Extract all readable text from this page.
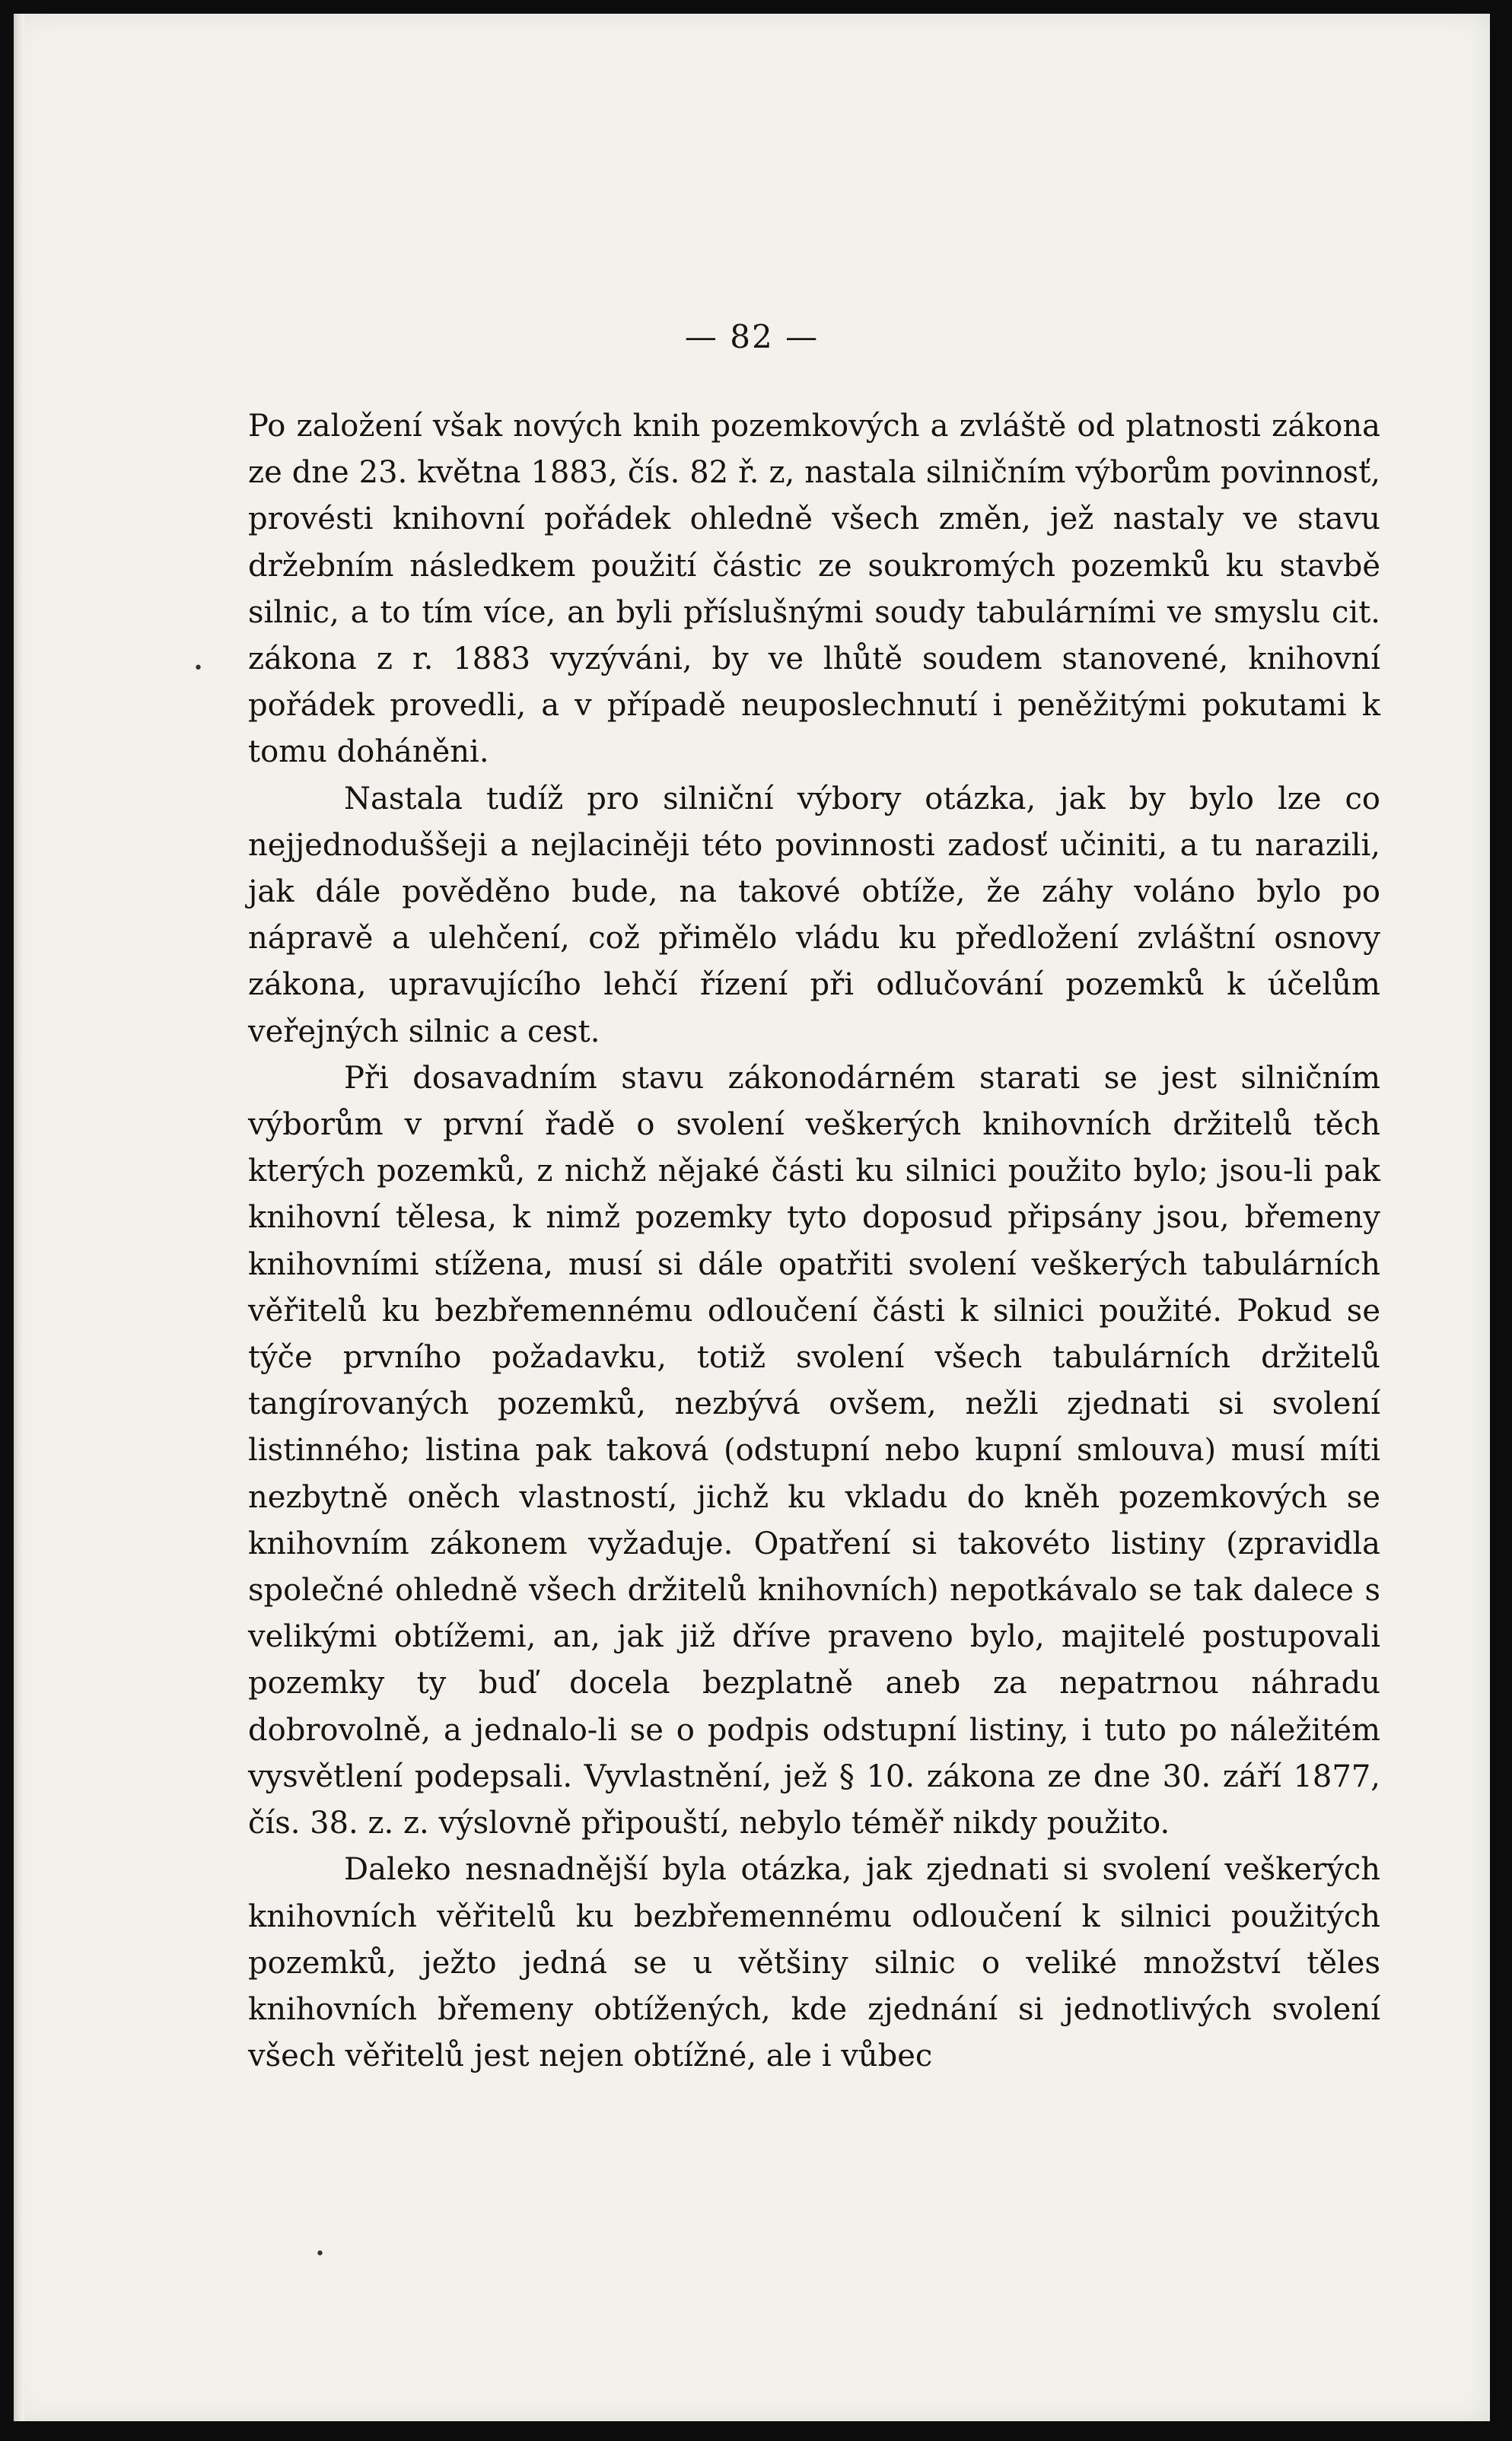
— 82 —

Po založení však nových knih pozemkových a zvláště od platnosti zákona ze dne 23. května 1883, čís. 82 ř. z, nastala silničním výborům povinnosť, provésti knihovní pořádek ohledně všech změn, jež nastaly ve stavu držebním následkem použití částic ze soukromých pozemků ku stavbě silnic, a to tím více, an byli příslušnými soudy tabulárními ve smyslu cit. zákona z r. 1883 vyzýváni, by ve lhůtě soudem stanovené, knihovní pořádek provedli, a v případě neuposlechnutí i peněžitými pokutami k tomu doháněni.

Nastala tudíž pro silniční výbory otázka, jak by bylo lze co nejjednoduššeji a nejlaciněji této povinnosti zadosť učiniti, a tu narazili, jak dále pověděno bude, na takové obtíže, že záhy voláno bylo po nápravě a ulehčení, což přimělo vládu ku předložení zvláštní osnovy zákona, upravujícího lehčí řízení při odlučování pozemků k účelům veřejných silnic a cest.

Při dosavadním stavu zákonodárném starati se jest silničním výborům v první řadě o svolení veškerých knihovních držitelů těch kterých pozemků, z nichž nějaké části ku silnici použito bylo; jsou-li pak knihovní tělesa, k nimž pozemky tyto doposud připsány jsou, břemeny knihovními stížena, musí si dále opatřiti svolení veškerých tabulárních věřitelů ku bezbřemennému odloučení části k silnici použité. Pokud se týče prvního požadavku, totiž svolení všech tabulárních držitelů tangírovaných pozemků, nezbývá ovšem, nežli zjednati si svolení listinného; listina pak taková (odstupní nebo kupní smlouva) musí míti nezbytně oněch vlastností, jichž ku vkladu do kněh pozemkových se knihovním zákonem vyžaduje. Opatření si takovéto listiny (zpravidla společné ohledně všech držitelů knihovních) nepotkávalo se tak dalece s velikými obtížemi, an, jak již dříve praveno bylo, majitelé postupovali pozemky ty buď docela bezplatně aneb za nepatrnou náhradu dobrovolně, a jednalo-li se o podpis odstupní listiny, i tuto po náležitém vysvětlení podepsali. Vyvlastnění, jež § 10. zákona ze dne 30. září 1877, čís. 38. z. z. výslovně připouští, nebylo téměř nikdy použito.

Daleko nesnadnější byla otázka, jak zjednati si svolení veškerých knihovních věřitelů ku bezbřemennému odloučení k silnici použitých pozemků, ježto jedná se u většiny silnic o veliké množství těles knihovních břemeny obtížených, kde zjednání si jednotlivých svolení všech věřitelů jest nejen obtížné, ale i vůbec

•
•
